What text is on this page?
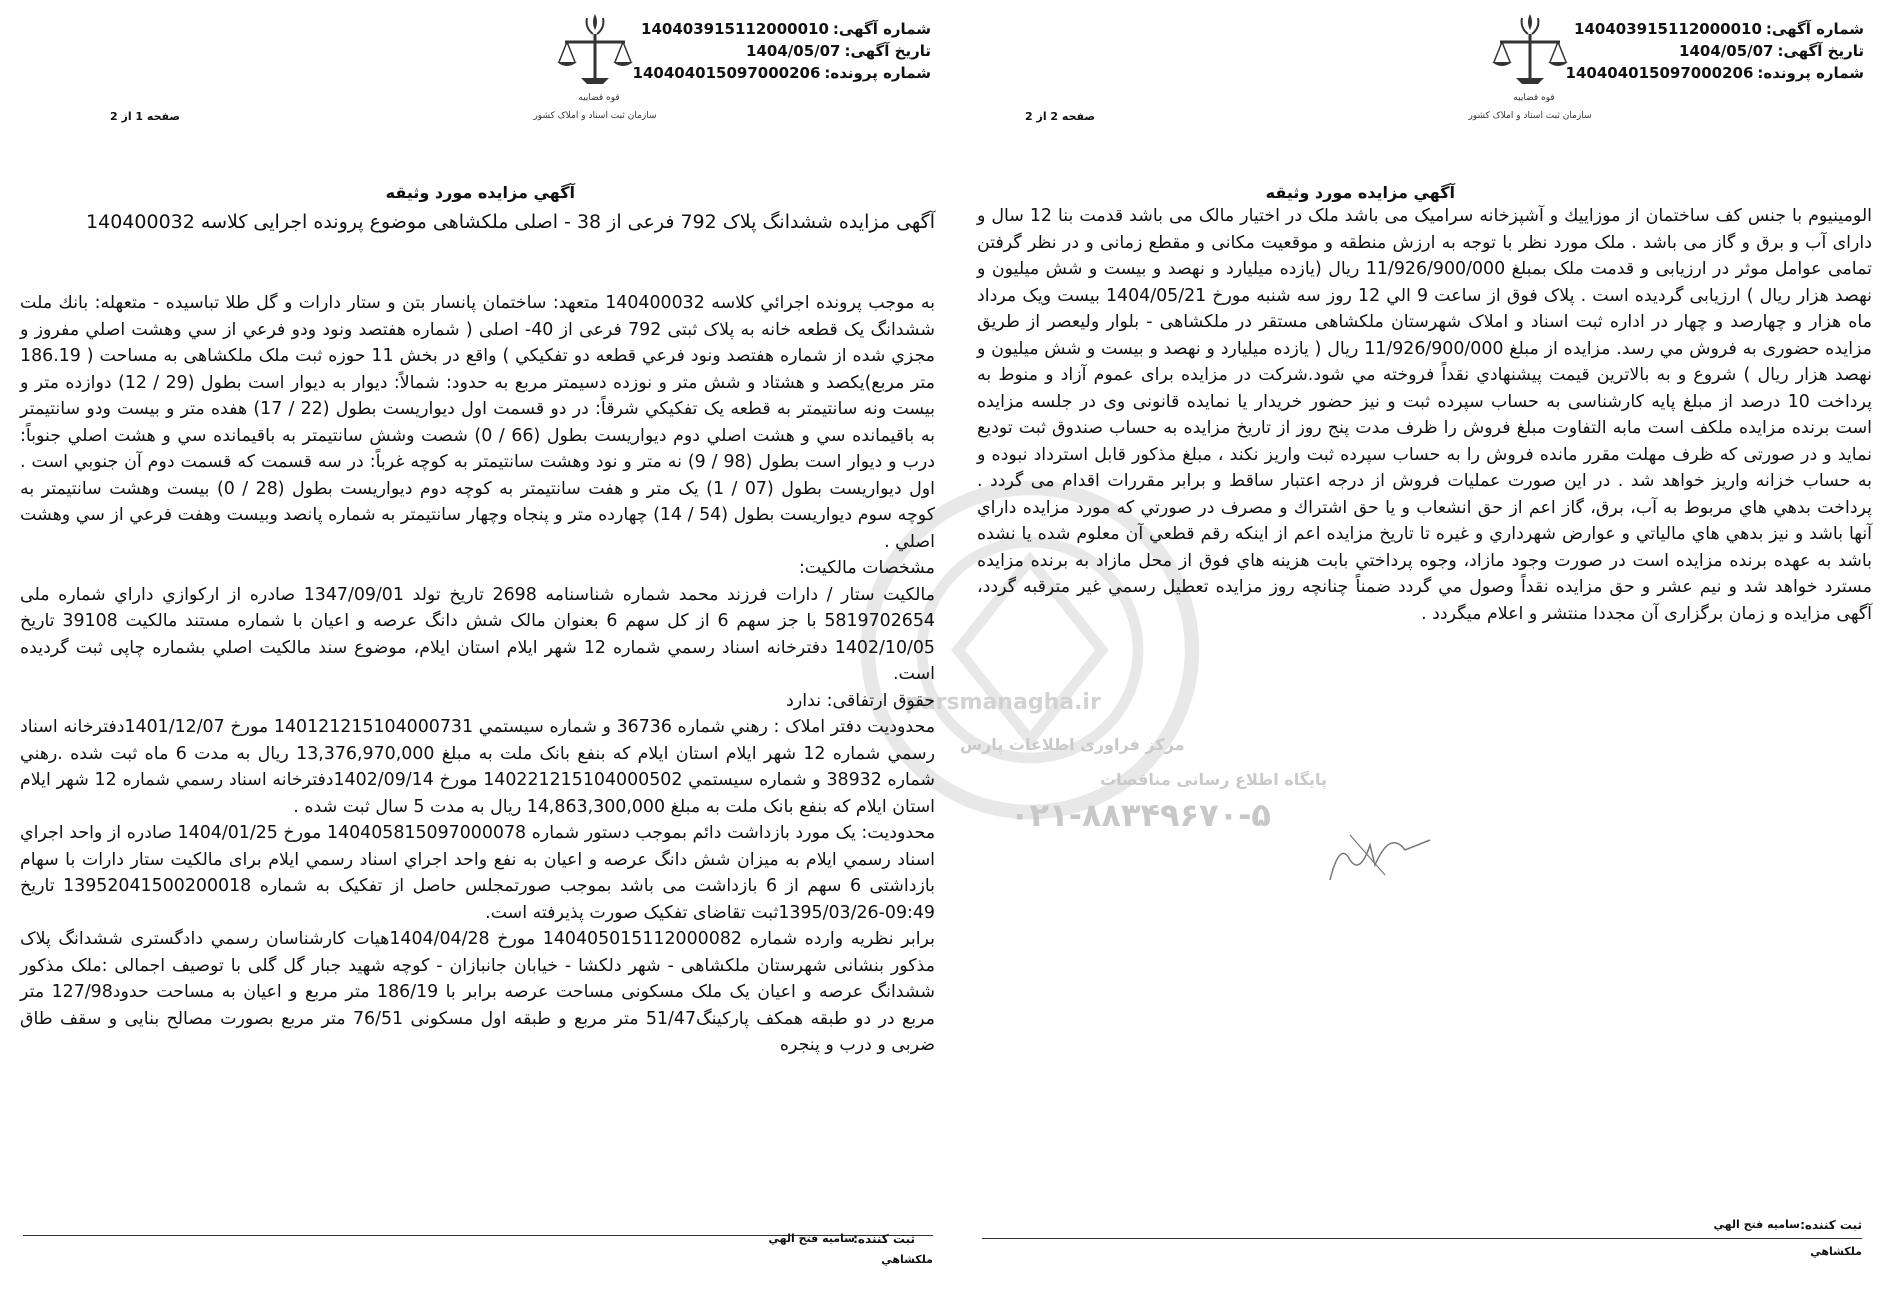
parsmanagha.ir
مرکز فراوری اطلاعات پارس
پایگاه اطلاع رسانی مناقصات
۰۲۱-۸۸۳۴۹۶۷۰-۵
شماره آگهی:140403915112000010
تاریخ آگهی:1404/05/07
شماره پرونده:140404015097000206
قوه قضاییه
سازمان ثبت اسناد و املاک کشور
صفحه 2 از 2
آگهي مزايده مورد وثيقه
الومينيوم با جنس كف ساختمان از موزاييك و آشپزخانه سراميک مى باشد ملک در اختيار مالک مى باشد قدمت بنا 12 سال و داراى آب و برق و گاز مى باشد . ملک مورد نظر با توجه به ارزش منطقه و موقعيت مكانى و مقطع زمانى و در نظر گرفتن تمامى عوامل موثر در ارزيابى و قدمت ملک بمبلغ 11/926/900/000 ريال (يازده ميليارد و نهصد و بيست و شش ميليون و نهصد هزار ريال ) ارزيابى گرديده است . پلاک فوق از ساعت 9 الي 12 روز سه شنبه مورخ 1404/05/21 بيست ويک مرداد ماه هزار و چهارصد و چهار در اداره ثبت اسناد و املاک شهرستان ملكشاهى مستقر در ملكشاهى - بلوار وليعصر از طريق مزايده حضورى به فروش مي رسد. مزايده از مبلغ 11/926/900/000 ريال ( يازده ميليارد و نهصد و بيست و شش ميليون و نهصد هزار ريال ) شروع و به بالاترين قيمت پيشنهادي نقداً فروخته مي شود.شركت در مزايده براى عموم آزاد و منوط به پرداخت 10 درصد از مبلغ پايه كارشناسى به حساب سپرده ثبت و نيز حضور خريدار يا نمايده قانونى وى در جلسه مزايده است برنده مزايده ملكف است مابه التفاوت مبلغ فروش را ظرف مدت پنج روز از تاريخ مزايده به حساب صندوق ثبت توديع نمايد و در صورتى كه ظرف مهلت مقرر مانده فروش را به حساب سپرده ثبت واريز نكند ، مبلغ مذكور قابل استرداد نبوده و به حساب خزانه واريز خواهد شد . در اين صورت عمليات فروش از درجه اعتبار ساقط و برابر مقررات اقدام مى گردد . پرداخت بدهي هاي مربوط به آب، برق، گاز اعم از حق انشعاب و يا حق اشتراك و مصرف در صورتي كه مورد مزايده داراي آنها باشد و نيز بدهي هاي مالياتي و عوارض شهرداري و غيره تا تاريخ مزايده اعم از اينكه رقم قطعي آن معلوم شده يا نشده باشد به عهده برنده مزايده است در صورت وجود مازاد، وجوه پرداختي بابت هزينه هاي فوق از محل مازاد به برنده مزايده مسترد خواهد شد و نيم عشر و حق مزايده نقداً وصول مي گردد ضمناً چنانچه روز مزايده تعطيل رسمي غير مترقبه گردد، آگهی مزايده و زمان برگزاری آن مجددا منتشر و اعلام ميگردد .
ثبت كننده:
ساميه فتح الهي
ملكشاهي
شماره آگهی:140403915112000010
تاریخ آگهی:1404/05/07
شماره پرونده:140404015097000206
قوه قضاییه
سازمان ثبت اسناد و املاک کشور
صفحه 1 از 2
آگهي مزايده مورد وثيقه
آگهی مزايده ششدانگ پلاک 792 فرعى از 38 - اصلى ملكشاهى موضوع پرونده اجرايى كلاسه 140400032
به موجب پرونده اجرائي كلاسه 140400032 متعهد: ساختمان پانسار بتن و ستار دارات و گل طلا تباسيده - متعهله: بانك ملت ششدانگ يک قطعه خانه به پلاک ثبتی 792 فرعی از 40- اصلی ( شماره هفتصد ونود ودو فرعي از سي وهشت اصلي مفروز و مجزي شده از شماره هفتصد ونود فرعي قطعه دو تفكيكي ) واقع در بخش 11 حوزه ثبت ملک ملكشاهى به مساحت ( 186.19 متر مربع)يكصد و هشتاد و شش متر و نوزده دسيمتر مربع به حدود: شمالاً: ديوار به ديوار است بطول (29 / 12) دوازده متر و بيست ونه سانتيمتر به قطعه يک تفكيكي شرقاً: در دو قسمت اول ديواريست بطول (22 / 17) هفده متر و بيست ودو سانتيمتر به باقيمانده سي و هشت اصلي دوم ديواريست بطول (66 / 0) شصت وشش سانتيمتر به باقيمانده سي و هشت اصلي جنوباً: درب و ديوار است بطول (98 / 9) نه متر و نود وهشت سانتيمتر به كوچه غرباً: در سه قسمت كه قسمت دوم آن جنوبي است . اول ديواريست بطول (07 / 1) يک متر و هفت سانتيمتر به كوچه دوم ديواريست بطول (28 / 0) بيست وهشت سانتيمتر به كوچه سوم ديواريست بطول (54 / 14) چهارده متر و پنجاه وچهار سانتيمتر به شماره پانصد وبيست وهفت فرعي از سي وهشت اصلي .
مشخصات مالكيت:
مالكيت ستار / دارات فرزند محمد شماره شناسنامه 2698 تاريخ تولد 1347/09/01 صادره از اركوازي داراي شماره ملی 5819702654 با جز سهم 6 از كل سهم 6 بعنوان مالک شش دانگ عرصه و اعيان با شماره مستند مالكيت 39108 تاريخ 1402/10/05 دفترخانه اسناد رسمي شماره 12 شهر ايلام استان ايلام، موضوع سند مالكيت اصلي بشماره چاپی ثبت گرديده است.
حقوق ارتفاقی: ندارد
محدوديت دفتر املاک : رهني شماره 36736 و شماره سيستمي 140121215104000731 مورخ 1401/12/07دفترخانه اسناد رسمي شماره 12 شهر ايلام استان ايلام كه بنفع بانک ملت به مبلغ 13,376,970,000 ريال به مدت 6 ماه ثبت شده .رهني شماره 38932 و شماره سيستمي 140221215104000502 مورخ 1402/09/14دفترخانه اسناد رسمي شماره 12 شهر ايلام استان ايلام كه بنفع بانک ملت به مبلغ 14,863,300,000 ريال به مدت 5 سال ثبت شده .
محدوديت: يک مورد بازداشت دائم بموجب دستور شماره 140405815097000078 مورخ 1404/01/25 صادره از واحد اجراي اسناد رسمي ايلام به ميزان شش دانگ عرصه و اعيان به نفع واحد اجراي اسناد رسمي ايلام برای مالكيت ستار دارات با سهام بازداشتی 6 سهم از 6 بازداشت می باشد بموجب صورتمجلس حاصل از تفكيک به شماره 13952041500200018 تاريخ 09:49-1395/03/26ثبت تقاضای تفكيک صورت پذيرفته است.
برابر نظريه وارده شماره 140405015112000082 مورخ 1404/04/28هيات كارشناسان رسمي دادگستری ششدانگ پلاک مذكور بنشانی شهرستان ملكشاهی - شهر دلكشا - خيابان جانبازان - كوچه شهيد جبار گل گلی با توصيف اجمالی :ملک مذكور ششدانگ عرصه و اعيان يک ملک مسكونی مساحت عرصه برابر با 186/19 متر مربع و اعيان به مساحت حدود127/98 متر مربع در دو طبقه همكف پاركينگ51/47 متر مربع و طبقه اول مسكونی 76/51 متر مربع بصورت مصالح بنايی و سقف طاق ضربی و درب و پنجره
ثبت كننده:
ساميه فتح الهي
ملكشاهي
